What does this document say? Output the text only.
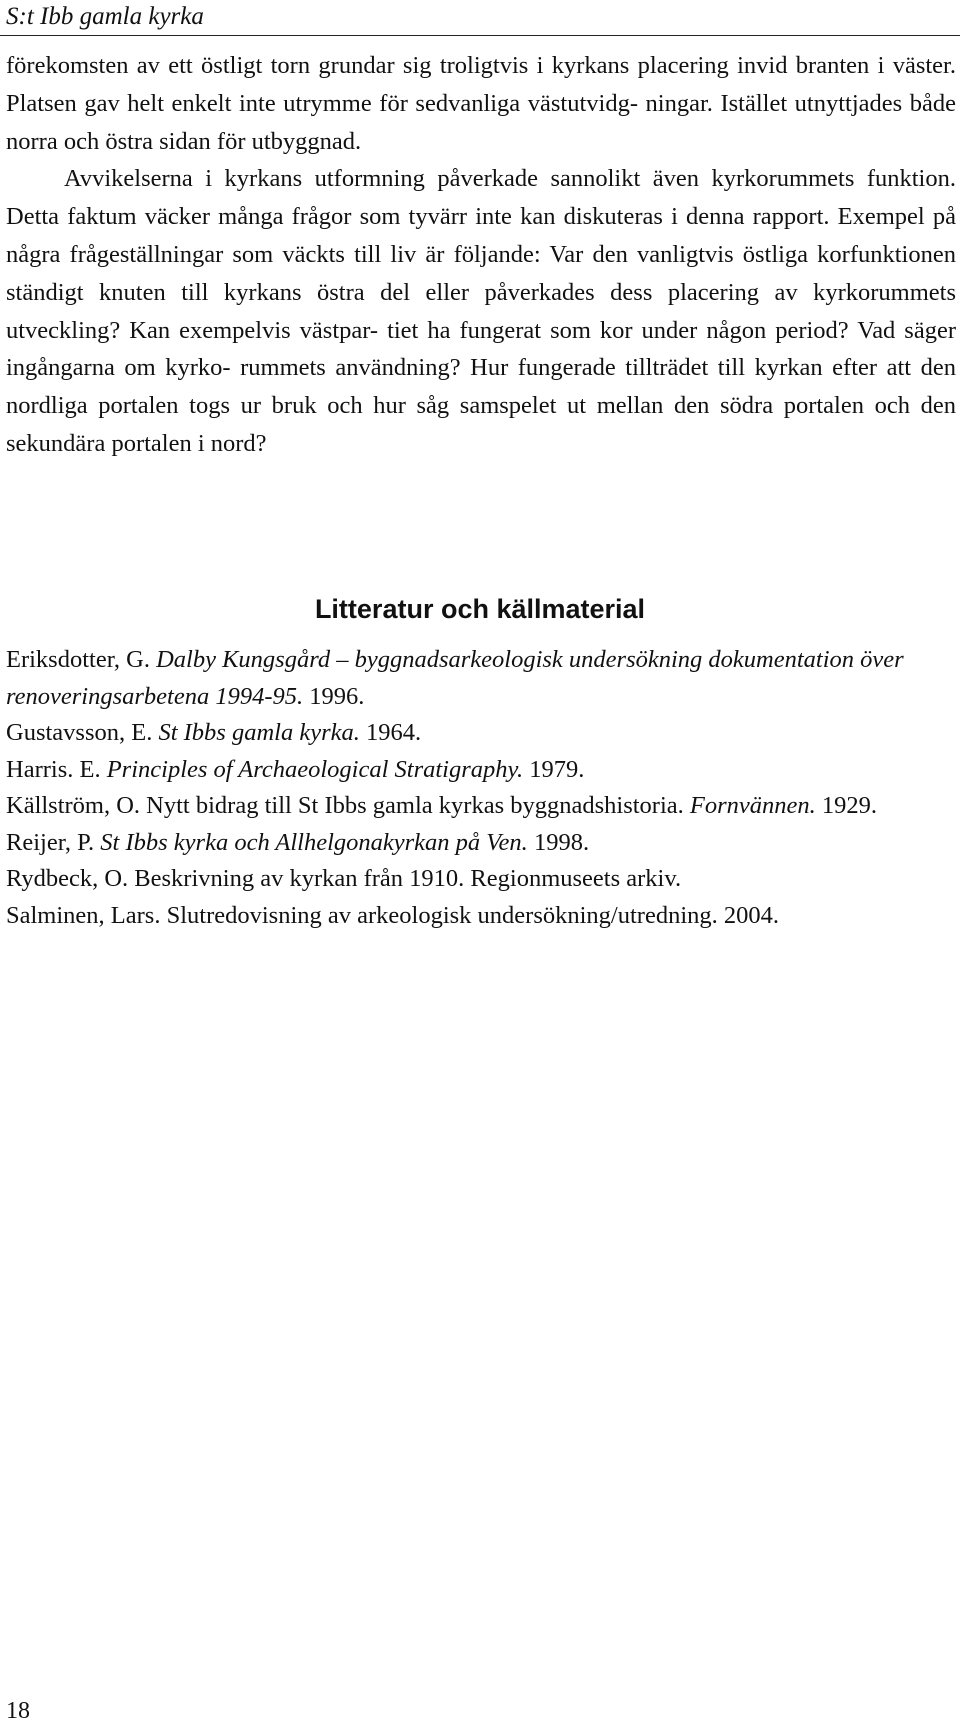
S:t Ibb gamla kyrka

förekomsten av ett östligt torn grundar sig troligtvis i kyrkans placering invid branten i väster. Platsen gav helt enkelt inte utrymme för sedvanliga västutvidg- ningar. Istället utnyttjades både norra och östra sidan för utbyggnad.

Avvikelserna i kyrkans utformning påverkade sannolikt även kyrkorummets funktion. Detta faktum väcker många frågor som tyvärr inte kan diskuteras i denna rapport. Exempel på några frågeställningar som väckts till liv är följande: Var den vanligtvis östliga korfunktionen ständigt knuten till kyrkans östra del eller påverkades dess placering av kyrkorummets utveckling? Kan exempelvis västpar- tiet ha fungerat som kor under någon period? Vad säger ingångarna om kyrko- rummets användning? Hur fungerade tillträdet till kyrkan efter att den nordliga portalen togs ur bruk och hur såg samspelet ut mellan den södra portalen och den sekundära portalen i nord?

Litteratur och källmaterial

Eriksdotter, G. Dalby Kungsgård – byggnadsarkeologisk undersökning dokumentation över renoveringsarbetena 1994-95. 1996.

Gustavsson, E. St Ibbs gamla kyrka. 1964.

Harris. E. Principles of Archaeological Stratigraphy. 1979.

Källström, O. Nytt bidrag till St Ibbs gamla kyrkas byggnadshistoria. Fornvännen. 1929.

Reijer, P. St Ibbs kyrka och Allhelgonakyrkan på Ven. 1998.

Rydbeck, O. Beskrivning av kyrkan från 1910. Regionmuseets arkiv.

Salminen, Lars. Slutredovisning av arkeologisk undersökning/utredning. 2004.

18
